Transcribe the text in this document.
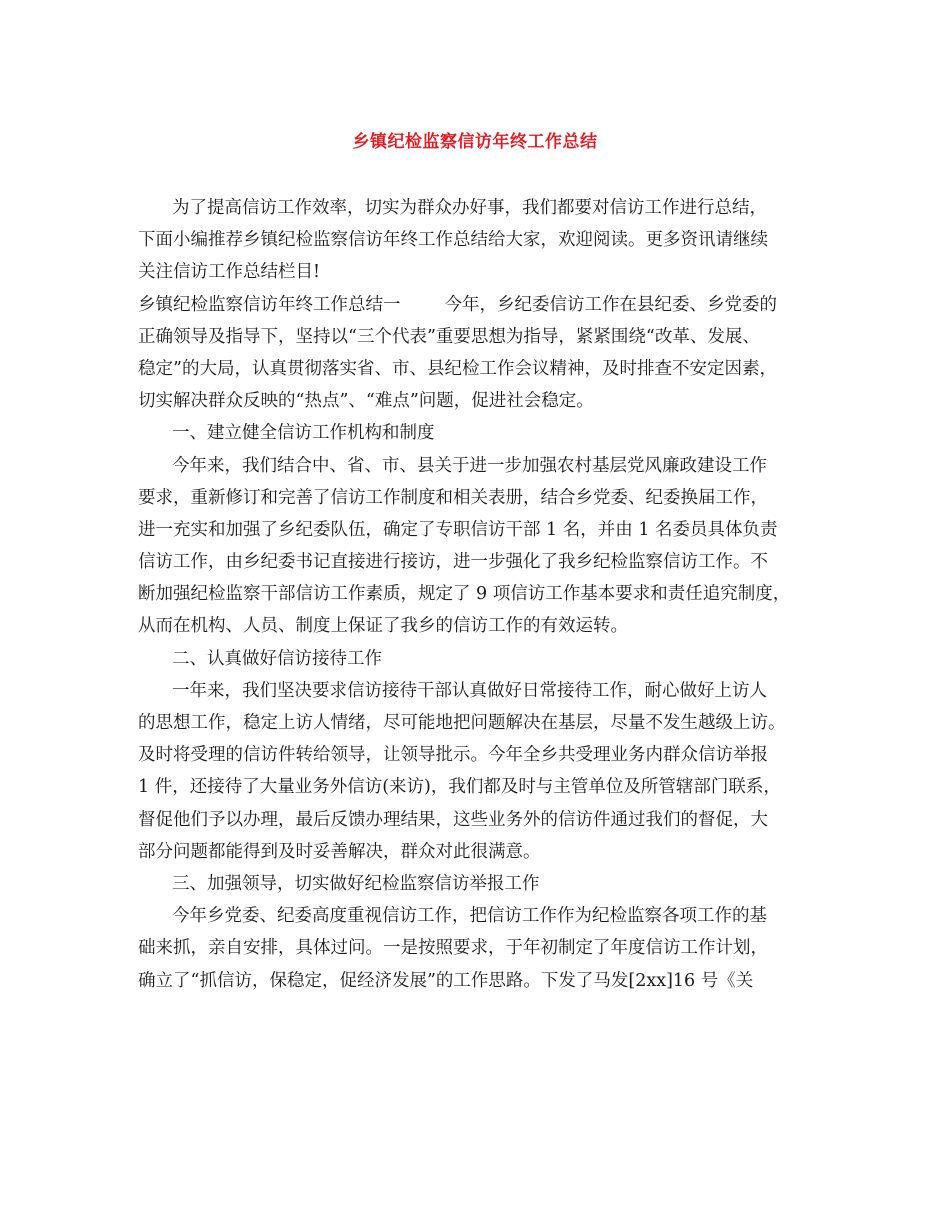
乡镇纪检监察信访年终工作总结
为了提高信访工作效率，切实为群众办好事，我们都要对信访工作进行总结，
下面小编推荐乡镇纪检监察信访年终工作总结给大家，欢迎阅读。更多资讯请继续
关注信访工作总结栏目!
乡镇纪检监察信访年终工作总结一	今年，乡纪委信访工作在县纪委、乡党委的
正确领导及指导下，坚持以“三个代表”重要思想为指导，紧紧围绕“改革、发展、
稳定”的大局，认真贯彻落实省、市、县纪检工作会议精神，及时排查不安定因素，
切实解决群众反映的“热点”、“难点”问题，促进社会稳定。
一、建立健全信访工作机构和制度
今年来，我们结合中、省、市、县关于进一步加强农村基层党风廉政建设工作
要求，重新修订和完善了信访工作制度和相关表册，结合乡党委、纪委换届工作，
进一充实和加强了乡纪委队伍，确定了专职信访干部 1 名，并由 1 名委员具体负责
信访工作，由乡纪委书记直接进行接访，进一步强化了我乡纪检监察信访工作。不
断加强纪检监察干部信访工作素质，规定了 9 项信访工作基本要求和责任追究制度，
从而在机构、人员、制度上保证了我乡的信访工作的有效运转。
二、认真做好信访接待工作
一年来，我们坚决要求信访接待干部认真做好日常接待工作，耐心做好上访人
的思想工作，稳定上访人情绪，尽可能地把问题解决在基层，尽量不发生越级上访。
及时将受理的信访件转给领导，让领导批示。今年全乡共受理业务内群众信访举报
1 件，还接待了大量业务外信访(来访)，我们都及时与主管单位及所管辖部门联系，
督促他们予以办理，最后反馈办理结果，这些业务外的信访件通过我们的督促，大
部分问题都能得到及时妥善解决，群众对此很满意。
三、加强领导，切实做好纪检监察信访举报工作
今年乡党委、纪委高度重视信访工作，把信访工作作为纪检监察各项工作的基
础来抓，亲自安排，具体过问。一是按照要求，于年初制定了年度信访工作计划，
确立了“抓信访，保稳定，促经济发展”的工作思路。下发了马发[2xx]16 号《关
